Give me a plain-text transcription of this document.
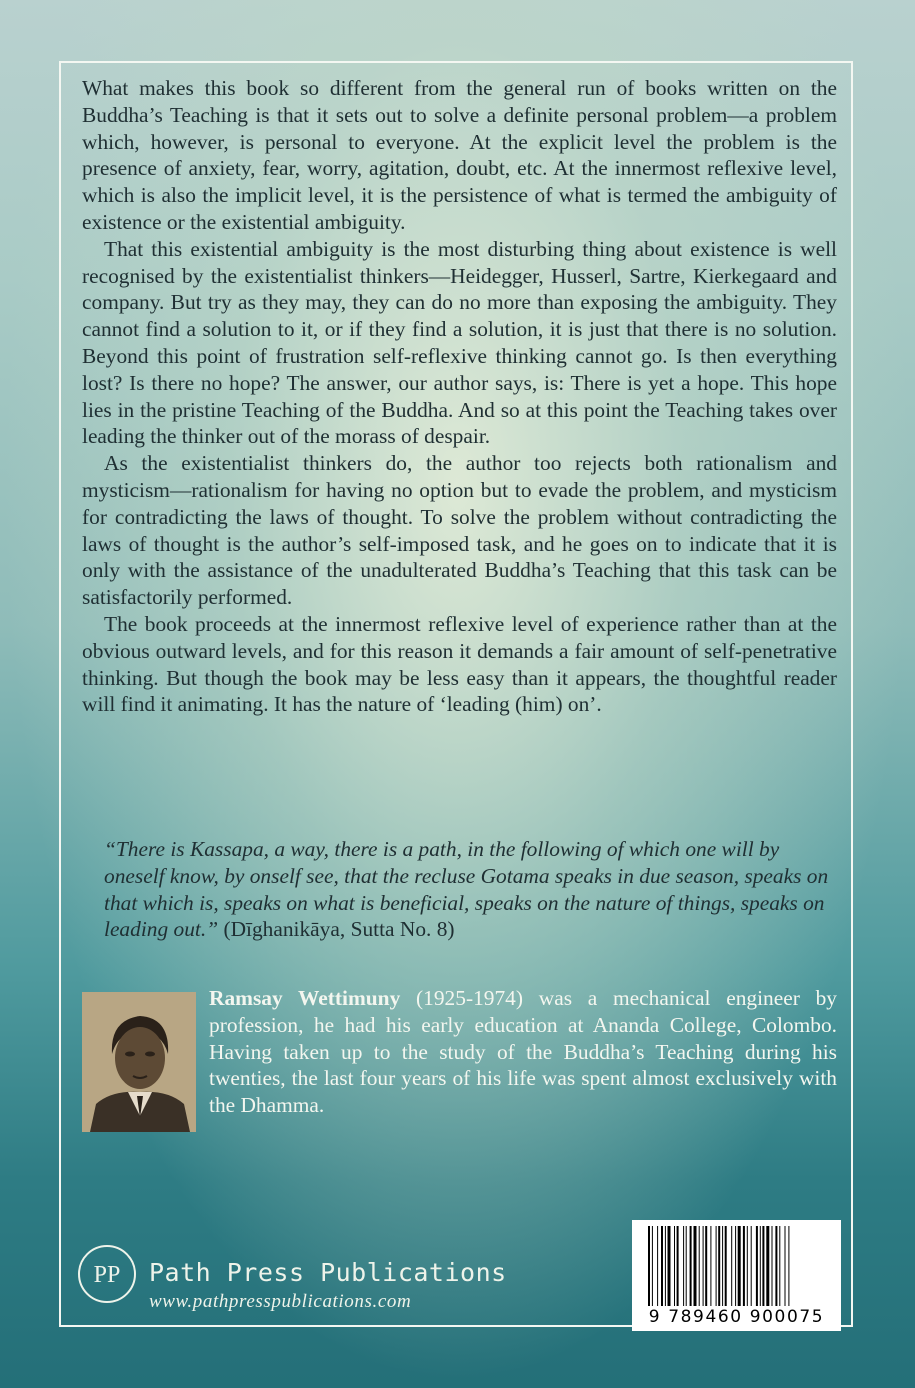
What makes this book so different from the general run of books written on the Buddha’s Teaching is that it sets out to solve a definite personal problem—a problem which, however, is personal to everyone. At the explicit level the problem is the presence of anxiety, fear, worry, agitation, doubt, etc. At the innermost reflexive level, which is also the implicit level, it is the persistence of what is termed the ambiguity of existence or the existential ambiguity.

That this existential ambiguity is the most disturbing thing about existence is well recognised by the existentialist thinkers—Heidegger, Husserl, Sartre, Kierkegaard and company. But try as they may, they can do no more than exposing the ambiguity. They cannot find a solution to it, or if they find a solution, it is just that there is no solution. Beyond this point of frustration self-reflexive thinking cannot go. Is then everything lost? Is there no hope? The answer, our author says, is: There is yet a hope. This hope lies in the pristine Teaching of the Buddha. And so at this point the Teaching takes over leading the thinker out of the morass of despair.

As the existentialist thinkers do, the author too rejects both rationalism and mysticism—rationalism for having no option but to evade the problem, and mysticism for contradicting the laws of thought. To solve the problem without contradicting the laws of thought is the author’s self-imposed task, and he goes on to indicate that it is only with the assistance of the unadulterated Buddha’s Teaching that this task can be satisfactorily performed.

The book proceeds at the innermost reflexive level of experience rather than at the obvious outward levels, and for this reason it demands a fair amount of self-penetrative thinking. But though the book may be less easy than it appears, the thoughtful reader will find it animating. It has the nature of ‘leading (him) on’.

“There is Kassapa, a way, there is a path, in the following of which one will by oneself know, by onself see, that the recluse Gotama speaks in due season, speaks on that which is, speaks on what is beneficial, speaks on the nature of things, speaks on leading out.” (Dīghanikāya, Sutta No. 8)

Ramsay Wettimuny (1925-1974) was a mechanical engineer by profession, he had his early education at Ananda College, Colombo. Having taken up to the study of the Buddha’s Teaching during his twenties, the last four years of his life was spent almost exclusively with the Dhamma.

PP Path Press Publications

www.pathpresspublications.com

9 789460 900075
